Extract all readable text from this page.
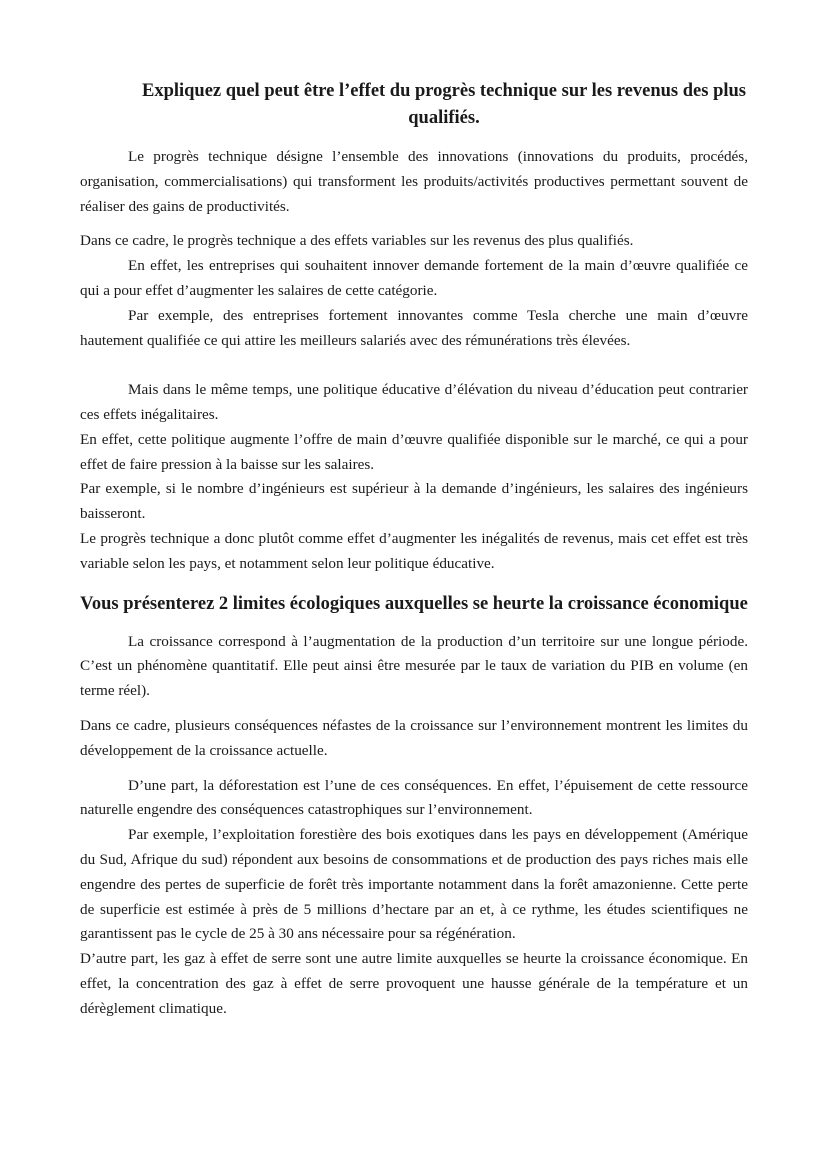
Expliquez quel peut être l’effet du progrès technique sur les revenus des plus qualifiés.

Le progrès technique désigne l’ensemble des innovations (innovations du produits, procédés, organisation, commercialisations) qui transforment les produits/activités productives permettant souvent de réaliser des gains de productivités.

Dans ce cadre, le progrès technique a des effets variables sur les revenus des plus qualifiés.

En effet, les entreprises qui souhaitent innover demande fortement de la main d’œuvre qualifiée ce qui a pour effet d’augmenter les salaires de cette catégorie.

Par exemple, des entreprises fortement innovantes comme Tesla cherche une main d’œuvre hautement qualifiée ce qui attire les meilleurs salariés avec des rémunérations très élevées.

Mais dans le même temps, une politique éducative d’élévation du niveau d’éducation peut contrarier ces effets inégalitaires.

En effet, cette politique augmente l’offre de main d’œuvre qualifiée disponible sur le marché, ce qui a pour effet de faire pression à la baisse sur les salaires.

Par exemple, si le nombre d’ingénieurs est supérieur à la demande d’ingénieurs, les salaires des ingénieurs baisseront.

Le progrès technique a donc plutôt comme effet d’augmenter les inégalités de revenus, mais cet effet est très variable selon les pays, et notamment selon leur politique éducative.

Vous présenterez 2 limites écologiques auxquelles se heurte la croissance économique

La croissance correspond à l’augmentation de la production d’un territoire sur une longue période. C’est un phénomène quantitatif. Elle peut ainsi être mesurée par le taux de variation du PIB en volume (en terme réel).

Dans ce cadre, plusieurs conséquences néfastes de la croissance sur l’environnement montrent les limites du développement de la croissance actuelle.

D’une part, la déforestation est l’une de ces conséquences. En effet, l’épuisement de cette ressource naturelle engendre des conséquences catastrophiques sur l’environnement.

Par exemple, l’exploitation forestière des bois exotiques dans les pays en développement (Amérique du Sud, Afrique du sud) répondent aux besoins de consommations et de production des pays riches mais elle engendre des pertes de superficie de forêt très importante notamment dans la forêt amazonienne. Cette perte de superficie est estimée à près de 5 millions d’hectare par an et, à ce rythme, les études scientifiques ne garantissent pas le cycle de 25 à 30 ans nécessaire pour sa régénération.

D’autre part, les gaz à effet de serre sont une autre limite auxquelles se heurte la croissance économique. En effet, la concentration des gaz à effet de serre provoquent une hausse générale de la température et un dérèglement climatique.
